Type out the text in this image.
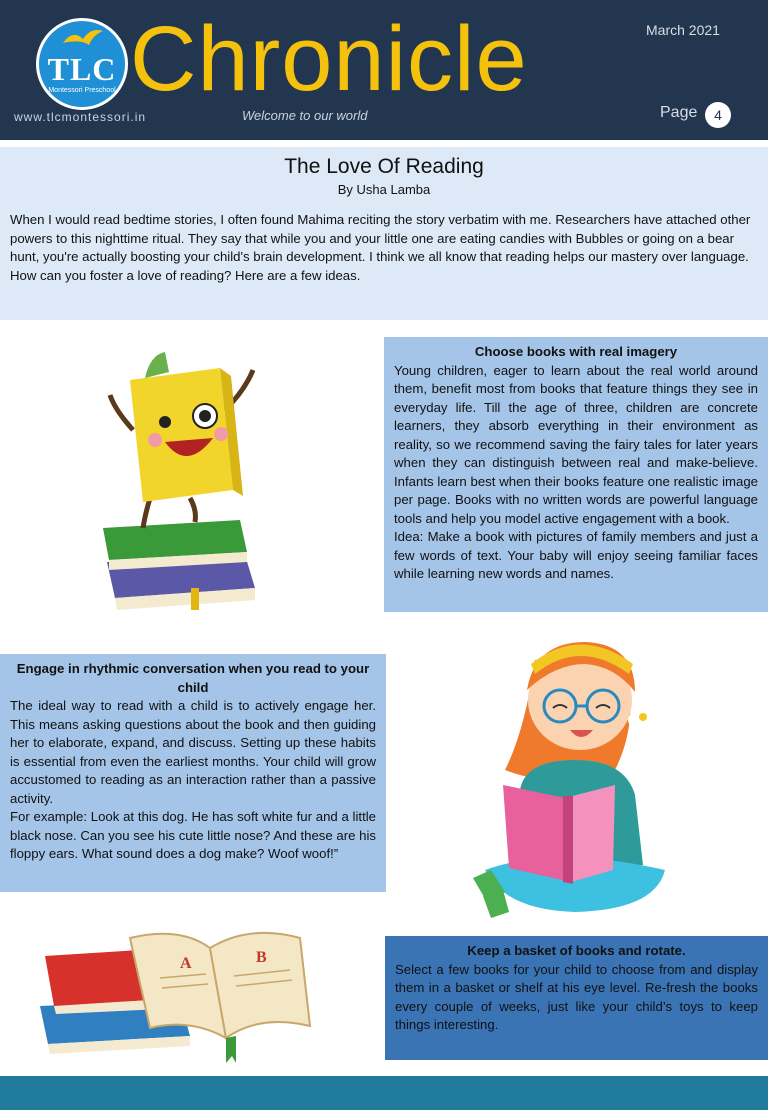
TLC
Montessori Preschool Chronicle
Welcome to our world
www.tlcmontessori.in
March 2021
Page	4
The Love Of Reading
By Usha Lamba
When I would read bedtime stories, I often found Mahima reciting the story verbatim with me. Researchers have attached other powers to this nighttime ritual. They say that while you and your little one are eating candies with Bubbles or going on a bear hunt, you're actually boosting your child's brain development. I think we all know that reading helps our mastery over language.
How can you foster a love of reading? Here are a few ideas.
Choose books with real imagery

Young children, eager to learn about the real world around them, benefit most from books that feature things they see in everyday life. Till the age of three, children are concrete learners, they absorb everything in their environment as reality, so we recommend saving the fairy tales for later years when they can distinguish between real and make-believe. Infants learn best when their books feature one realistic image per page. Books with no written words are powerful language tools and help you model active engagement with a book.

Idea: Make a book with pictures of family members and just a few words of text. Your baby will enjoy seeing familiar faces while learning new words and names.

Engage in rhythmic conversation when you read to your child

The ideal way to read with a child is to actively engage her. This means asking questions about the book and then guiding her to elaborate, expand, and discuss. Setting up these habits is essential from even the earliest months. Your child will grow accustomed to reading as an interaction rather than a passive activity.

For example: Look at this dog. He has soft white fur and a little black nose. Can you see his cute little nose? And these are his floppy ears. What sound does a dog make? Woof woof!”

A	B	Keep a basket of books and rotate.

Select a few books for your child to choose from and display them in a basket or shelf at his eye level. Re-fresh the books every couple of weeks, just like your child’s toys to keep things interesting.
